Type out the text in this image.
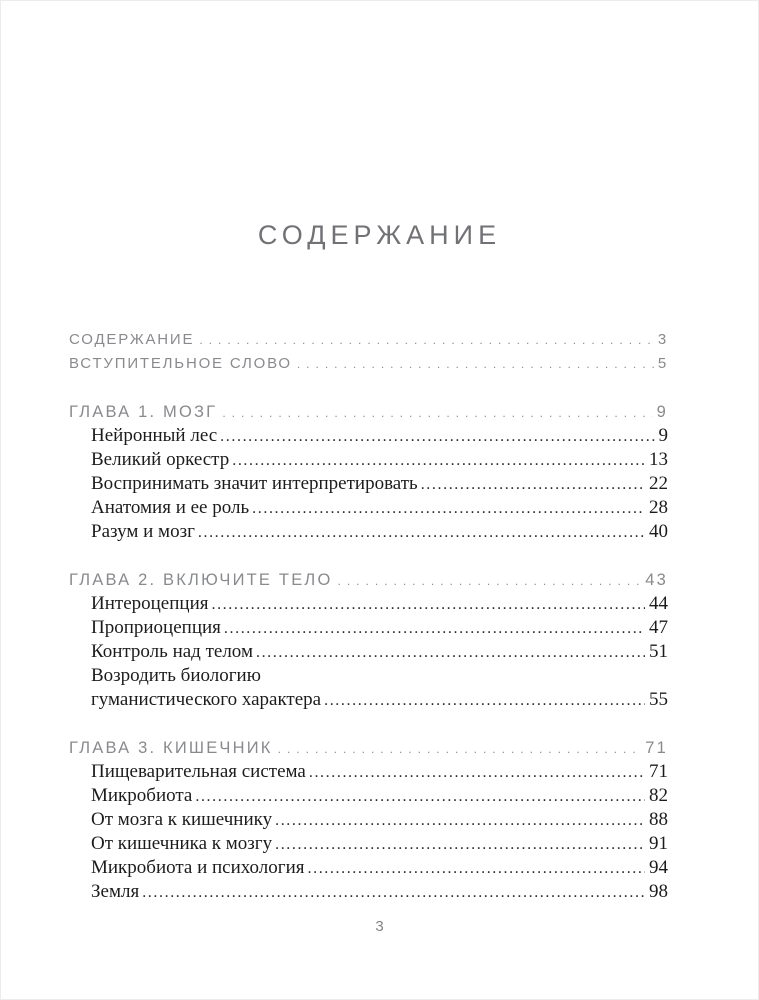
СОДЕРЖАНИЕ
СОДЕРЖАНИЕ .....	3
ВСТУПИТЕЛЬНОЕ СЛОВО .....	5
ГЛАВА 1. МОЗГ .....	9
Нейронный лес .....	9
Великий оркестр .....	13
Воспринимать значит интерпретировать .....	22
Анатомия и ее роль .....	28
Разум и мозг .....	40
ГЛАВА 2. ВКЛЮЧИТЕ ТЕЛО .....	43
Интероцепция .....	44
Проприоцепция .....	47
Контроль над телом .....	51
Возродить биологию
гуманистического характера .....	55
ГЛАВА 3. КИШЕЧНИК .....	71
Пищеварительная система .....	71
Микробиота .....	82
От мозга к кишечнику .....	88
От кишечника к мозгу .....	91
Микробиота и психология .....	94
Земля .....	98
3
